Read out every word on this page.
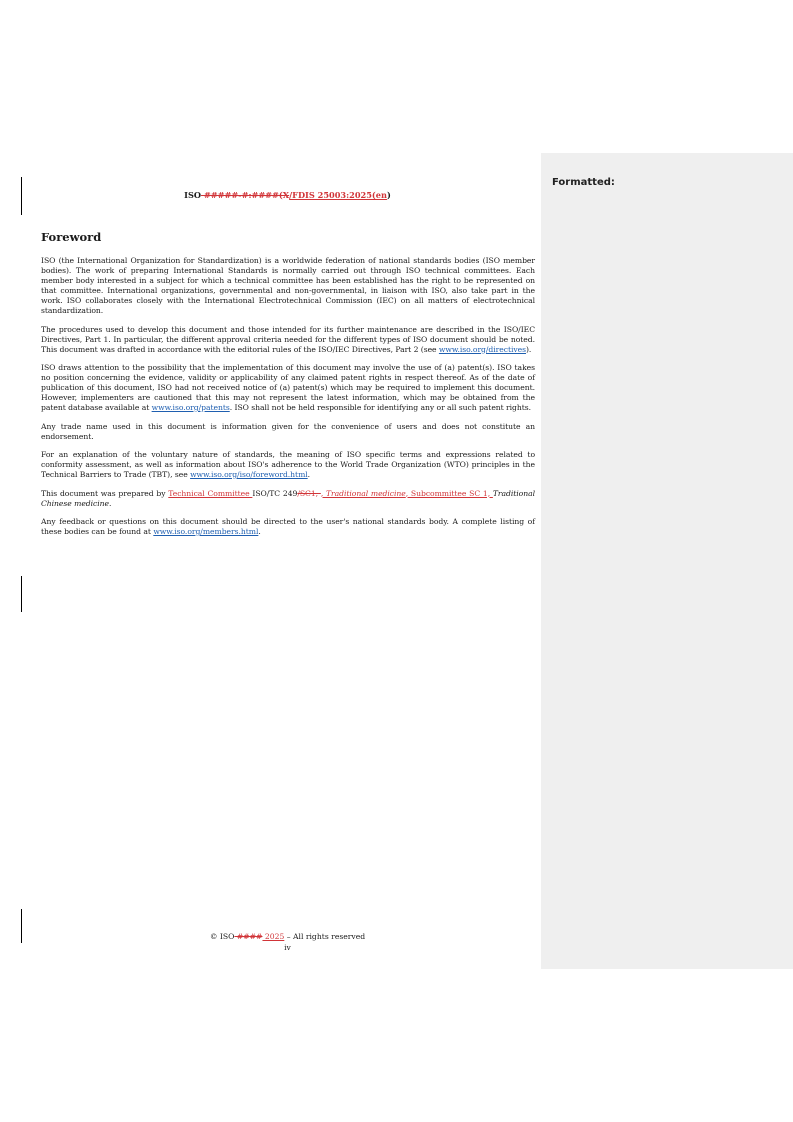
Formatted:
ISO #####-#:####(X/FDIS 25003:2025(en)
Foreword

ISO (the International Organization for Standardization) is a worldwide federation of national standards bodies (ISO member bodies). The work of preparing International Standards is normally carried out through ISO technical committees. Each member body interested in a subject for which a technical committee has been established has the right to be represented on that committee. International organizations, governmental and non-governmental, in liaison with ISO, also take part in the work. ISO collaborates closely with the International Electrotechnical Commission (IEC) on all matters of electrotechnical standardization.

The procedures used to develop this document and those intended for its further maintenance are described in the ISO/IEC Directives, Part 1. In particular, the different approval criteria needed for the different types of ISO document should be noted. This document was drafted in accordance with the editorial rules of the ISO/IEC Directives, Part 2 (see www.iso.org/directives).

ISO draws attention to the possibility that the implementation of this document may involve the use of (a) patent(s). ISO takes no position concerning the evidence, validity or applicability of any claimed patent rights in respect thereof. As of the date of publication of this document, ISO had not received notice of (a) patent(s) which may be required to implement this document. However, implementers are cautioned that this may not represent the latest information, which may be obtained from the patent database available at www.iso.org/patents. ISO shall not be held responsible for identifying any or all such patent rights.

Any trade name used in this document is information given for the convenience of users and does not constitute an endorsement.

For an explanation of the voluntary nature of standards, the meaning of ISO specific terms and expressions related to conformity assessment, as well as information about ISO's adherence to the World Trade Organization (WTO) principles in the Technical Barriers to Trade (TBT), see www.iso.org/iso/foreword.html.

This document was prepared by Technical Committee ISO/TC 249/SC1, , Traditional medicine, Subcommittee SC 1, Traditional Chinese medicine.

Any feedback or questions on this document should be directed to the user's national standards body. A complete listing of these bodies can be found at www.iso.org/members.html.

© ISO #### 2025 – All rights reserved
iv
